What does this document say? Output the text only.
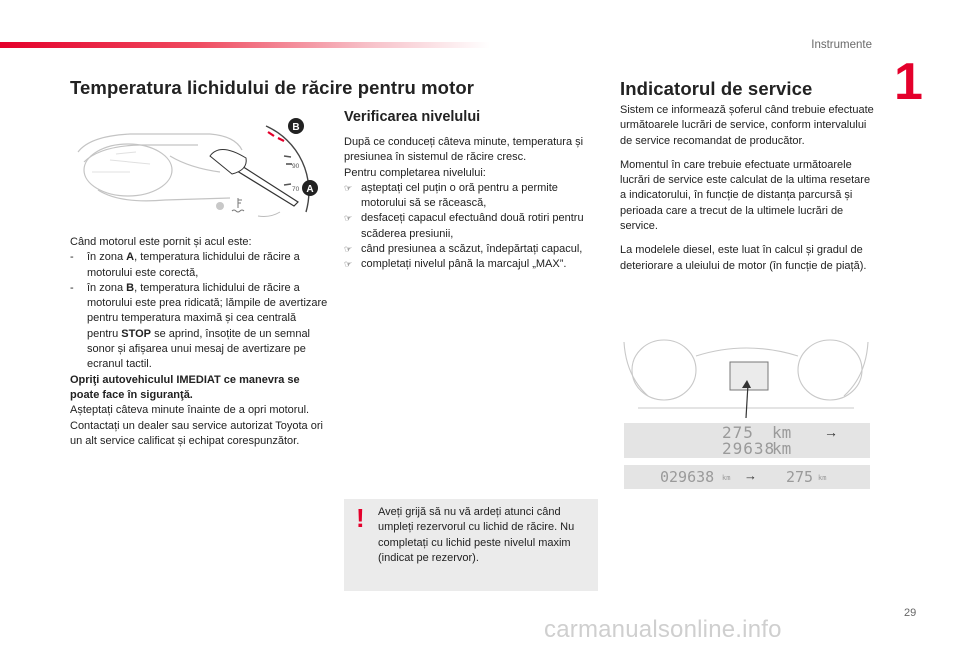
Instrumente
1
Temperatura lichidului de răcire pentru motor
90
70
B
A

Când motorul este pornit și acul este:

- în zona A, temperatura lichidului de răcire a motorului este corectă,
- în zona B, temperatura lichidului de răcire a motorului este prea ridicată; lămpile de avertizare pentru temperatura maximă și cea centrală pentru STOP se aprind, însoțite de un semnal sonor și afișarea unui mesaj de avertizare pe ecranul tactil.

Opriţi autovehiculul IMEDIAT ce manevra se poate face în siguranţă.

Așteptați câteva minute înainte de a opri motorul.

Contactați un dealer sau service autorizat Toyota ori un alt service calificat și echipat corespunzător.

Verificarea nivelului

După ce conduceți câteva minute, temperatura și presiunea în sistemul de răcire cresc.

Pentru completarea nivelului:

☞ așteptați cel puțin o oră pentru a permite motorului să se răcească,
☞ desfaceți capacul efectuând două rotiri pentru scăderea presiunii,
☞ când presiunea a scăzut, îndepărtați capacul,
☞ completați nivelul până la marcajul „MAX”.
! Aveți grijă să nu vă ardeți atunci când umpleți rezervorul cu lichid de răcire. Nu completați cu lichid peste nivelul maxim (indicat pe rezervor).
Indicatorul de service

Sistem ce informează șoferul când trebuie efectuate următoarele lucrări de service, conform intervalului de service recomandat de producător.

Momentul în care trebuie efectuate următoarele lucrări de service este calculat de la ultima resetare a indicatorului, în funcție de distanța parcursă și perioada care a trecut de la ultimele lucrări de service.

La modelele diesel, este luat în calcul și gradul de deteriorare a uleiului de motor (în funcție de piață).

275 km →
29638
km
029638 km → 275 km
29
carmanualsonline.info
